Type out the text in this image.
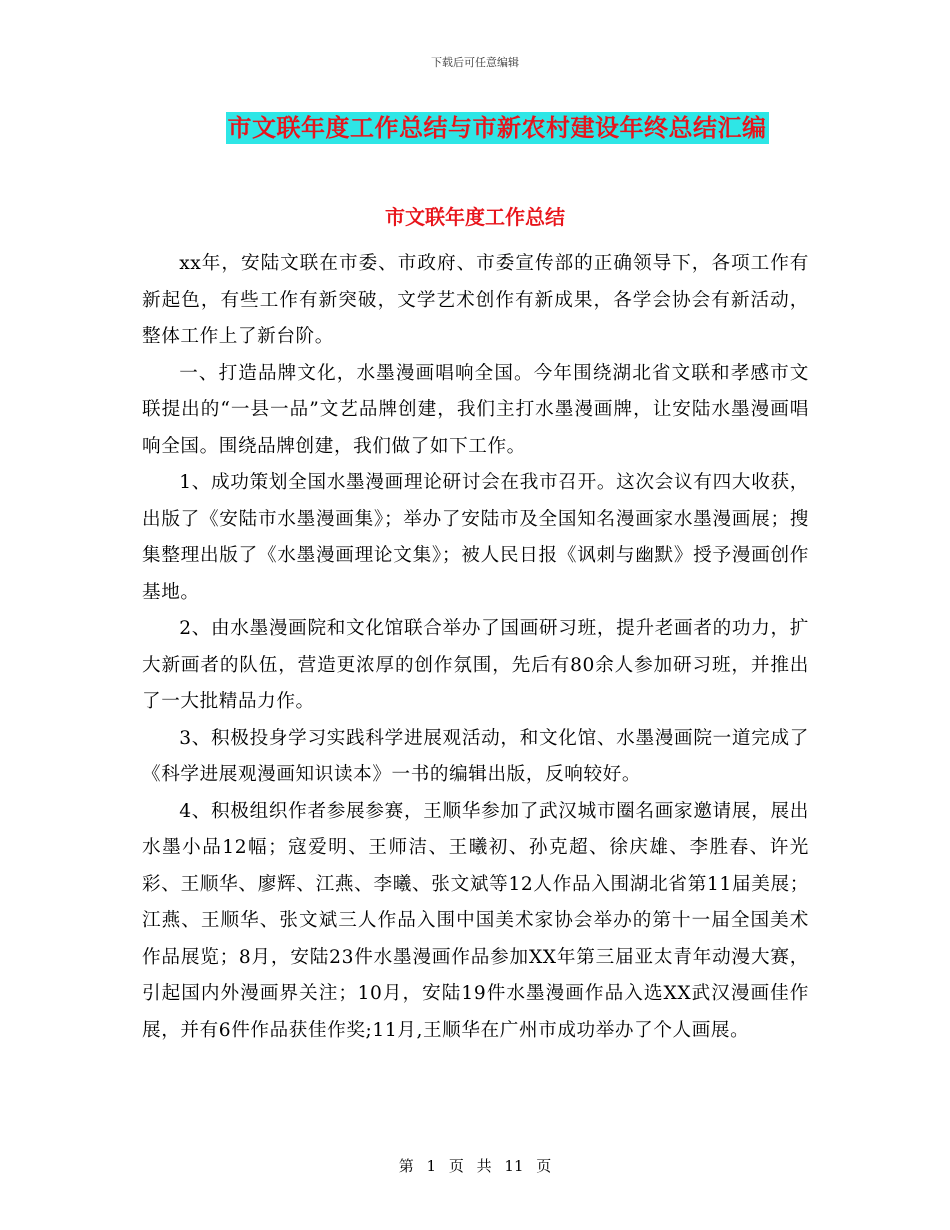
下载后可任意编辑
市文联年度工作总结与市新农村建设年终总结汇编
市文联年度工作总结

xx年，安陆文联在市委、市政府、市委宣传部的正确领导下，各项工作有新起色，有些工作有新突破，文学艺术创作有新成果，各学会协会有新活动，整体工作上了新台阶。

一、打造品牌文化，水墨漫画唱响全国。今年围绕湖北省文联和孝感市文联提出的“一县一品”文艺品牌创建，我们主打水墨漫画牌，让安陆水墨漫画唱响全国。围绕品牌创建，我们做了如下工作。

1、成功策划全国水墨漫画理论研讨会在我市召开。这次会议有四大收获，出版了《安陆市水墨漫画集》；举办了安陆市及全国知名漫画家水墨漫画展；搜集整理出版了《水墨漫画理论文集》；被人民日报《讽刺与幽默》授予漫画创作基地。

2、由水墨漫画院和文化馆联合举办了国画研习班，提升老画者的功力，扩大新画者的队伍，营造更浓厚的创作氛围，先后有80余人参加研习班，并推出了一大批精品力作。

3、积极投身学习实践科学进展观活动，和文化馆、水墨漫画院一道完成了《科学进展观漫画知识读本》一书的编辑出版，反响较好。

4、积极组织作者参展参赛，王顺华参加了武汉城市圈名画家邀请展，展出水墨小品12幅；寇爱明、王师洁、王曦初、孙克超、徐庆雄、李胜春、许光彩、王顺华、廖辉、江燕、李曦、张文斌等12人作品入围湖北省第11届美展；江燕、王顺华、张文斌三人作品入围中国美术家协会举办的第十一届全国美术作品展览；8月，安陆23件水墨漫画作品参加XX年第三届亚太青年动漫大赛，引起国内外漫画界关注；10月，安陆19件水墨漫画作品入选XX武汉漫画佳作展，并有6件作品获佳作奖;11月,王顺华在广州市成功举办了个人画展。

第 1 页 共 11 页
